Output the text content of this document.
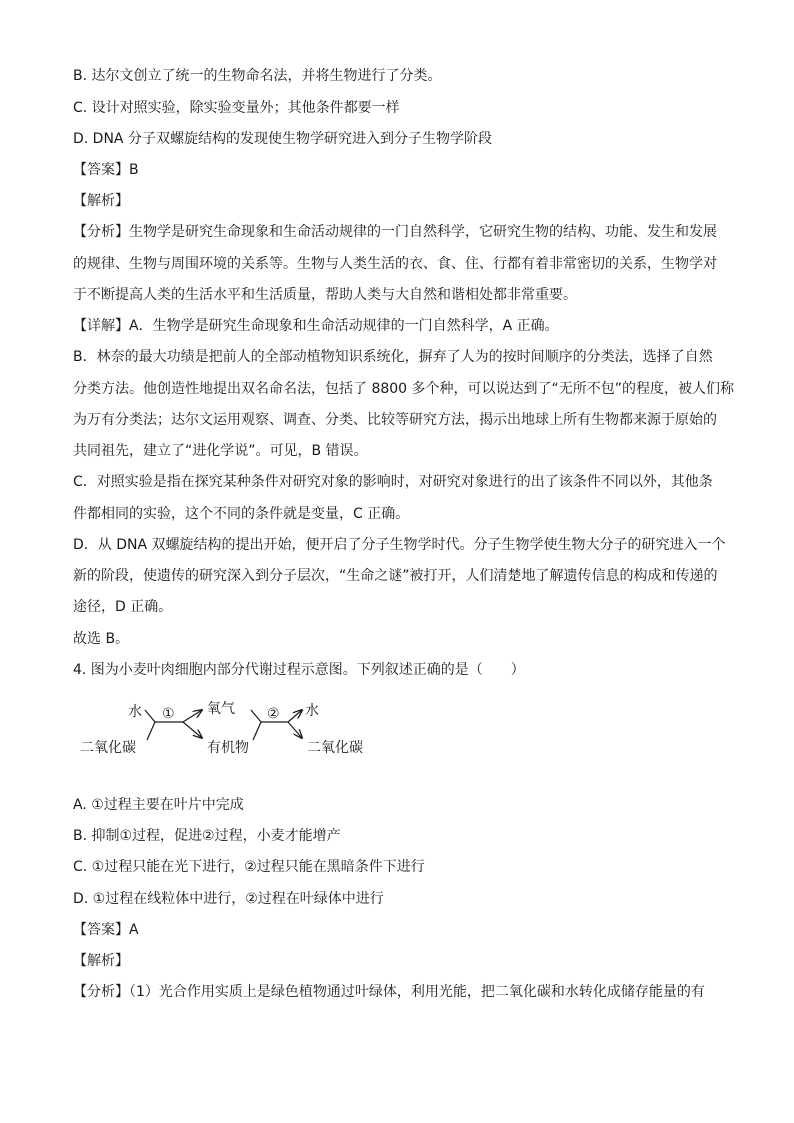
B. 达尔文创立了统一的生物命名法，并将生物进行了分类。
C. 设计对照实验，除实验变量外；其他条件都要一样
D. DNA 分子双螺旋结构的发现使生物学研究进入到分子生物学阶段
【答案】B
【解析】
【分析】生物学是研究生命现象和生命活动规律的一门自然科学，它研究生物的结构、功能、发生和发展
的规律、生物与周围环境的关系等。生物与人类生活的衣、食、住、行都有着非常密切的关系，生物学对
于不断提高人类的生活水平和生活质量，帮助人类与大自然和谐相处都非常重要。
【详解】A．生物学是研究生命现象和生命活动规律的一门自然科学，A 正确。
B．林奈的最大功绩是把前人的全部动植物知识系统化，摒弃了人为的按时间顺序的分类法，选择了自然
分类方法。他创造性地提出双名命名法，包括了 8800 多个种，可以说达到了“无所不包”的程度，被人们称
为万有分类法；达尔文运用观察、调查、分类、比较等研究方法，揭示出地球上所有生物都来源于原始的
共同祖先，建立了“进化学说”。可见，B 错误。
C．对照实验是指在探究某种条件对研究对象的影响时，对研究对象进行的出了该条件不同以外，其他条
件都相同的实验，这个不同的条件就是变量，C 正确。
D．从 DNA 双螺旋结构的提出开始，便开启了分子生物学时代。分子生物学使生物大分子的研究进入一个
新的阶段，使遗传的研究深入到分子层次，“生命之谜”被打开，人们清楚地了解遗传信息的构成和传递的
途径，D 正确。
故选 B。
4. 图为小麦叶肉细胞内部分代谢过程示意图。下列叙述正确的是（　　）
水
二氧化碳
① 氧气
有机物
② 水
二氧化碳
A. ①过程主要在叶片中完成
B. 抑制①过程，促进②过程，小麦才能增产
C. ①过程只能在光下进行，②过程只能在黑暗条件下进行
D. ①过程在线粒体中进行，②过程在叶绿体中进行
【答案】A
【解析】
【分析】（1）光合作用实质上是绿色植物通过叶绿体，利用光能，把二氧化碳和水转化成储存能量的有
